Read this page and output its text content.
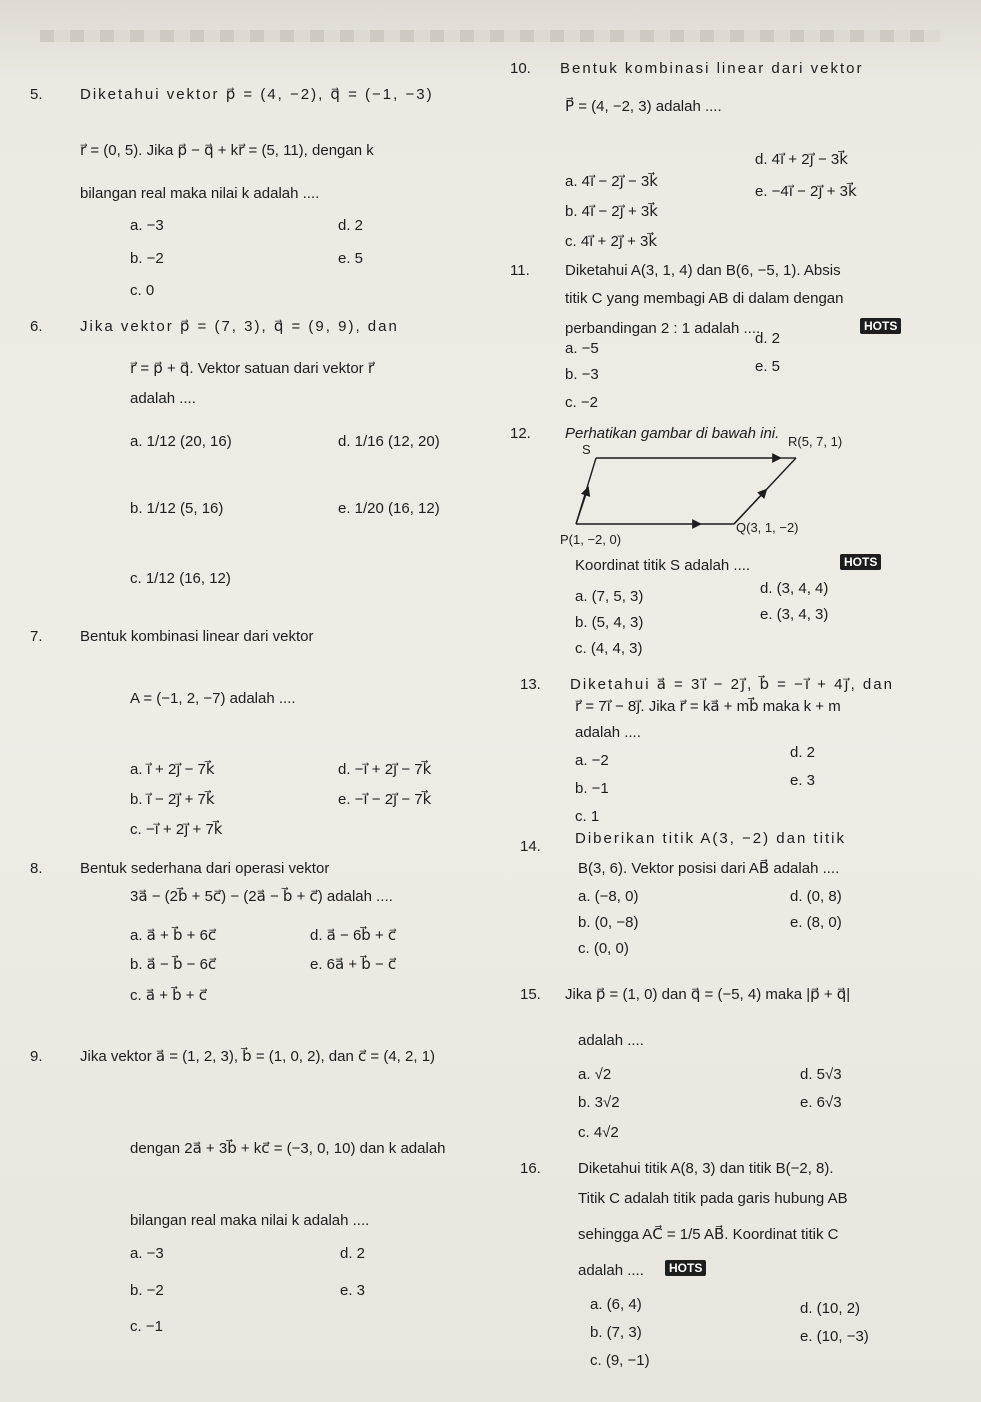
5. Diketahui vektor p⃗ = (4, −2), q⃗ = (−1, −3)
r⃗ = (0, 5). Jika p⃗ − q⃗ + kr⃗ = (5, 11), dengan k
bilangan real maka nilai k adalah ....
a. −3
b. −2
c. 0
d. 2
e. 5
6. Jika vektor p⃗ = (7, 3), q⃗ = (9, 9), dan
r⃗ = p⃗ + q⃗. Vektor satuan dari vektor r⃗
adalah ....
a. 1/12 (20, 16)
b. 1/12 (5, 16)
c. 1/12 (16, 12)
d. 1/16 (12, 20)
e. 1/20 (16, 12)
7. Bentuk kombinasi linear dari vektor
A = (−1, 2, −7) adalah ....
a. i⃗ + 2j⃗ − 7k⃗
b. i⃗ − 2j⃗ + 7k⃗
c. −i⃗ + 2j⃗ + 7k⃗
d. −i⃗ + 2j⃗ − 7k⃗
e. −i⃗ − 2j⃗ − 7k⃗
8. Bentuk sederhana dari operasi vektor
3a⃗ − (2b⃗ + 5c⃗) − (2a⃗ − b⃗ + c⃗) adalah ....
a. a⃗ + b⃗ + 6c⃗
b. a⃗ − b⃗ − 6c⃗
c. a⃗ + b⃗ + c⃗
d. a⃗ − 6b⃗ + c⃗
e. 6a⃗ + b⃗ − c⃗
9. Jika vektor a⃗ = (1, 2, 3), b⃗ = (1, 0, 2), dan c⃗ = (4, 2, 1)
dengan 2a⃗ + 3b⃗ + kc⃗ = (−3, 0, 10) dan k adalah
bilangan real maka nilai k adalah ....
a. −3
b. −2
c. −1
d. 2
e. 3
10. Bentuk kombinasi linear dari vektor
P⃗ = (4, −2, 3) adalah ....
a. 4i⃗ − 2j⃗ − 3k⃗
b. 4i⃗ − 2j⃗ + 3k⃗
c. 4i⃗ + 2j⃗ + 3k⃗
d. 4i⃗ + 2j⃗ − 3k⃗
e. −4i⃗ − 2j⃗ + 3k⃗
11. Diketahui A(3, 1, 4) dan B(6, −5, 1). Absis
titik C yang membagi AB di dalam dengan
perbandingan 2 : 1 adalah ....	HOTS
a. −5
b. −3
c. −2
d. 2
e. 5
12. Perhatikan gambar di bawah ini.
S
R(5, 7, 1)
P(1, −2, 0)
Q(3, 1, −2)
Koordinat titik S adalah ....	HOTS
a. (7, 5, 3)
b. (5, 4, 3)
c. (4, 4, 3)
d. (3, 4, 4)
e. (3, 4, 3)
13. Diketahui a⃗ = 3i⃗ − 2j⃗, b⃗ = −i⃗ + 4j⃗, dan
r⃗ = 7i⃗ − 8j⃗. Jika r⃗ = ka⃗ + mb⃗ maka k + m
adalah ....
a. −2
b. −1
c. 1
d. 2
e. 3
14. Diberikan titik A(3, −2) dan titik
B(3, 6). Vektor posisi dari AB⃗ adalah ....
a. (−8, 0)
b. (0, −8)
c. (0, 0)
d. (0, 8)
e. (8, 0)
15. Jika p⃗ = (1, 0) dan q⃗ = (−5, 4) maka |p⃗ + q⃗|
adalah ....
a. √2
b. 3√2
c. 4√2
d. 5√3
e. 6√3
16. Diketahui titik A(8, 3) dan titik B(−2, 8).
Titik C adalah titik pada garis hubung AB
sehingga AC⃗ = 1/5 AB⃗. Koordinat titik C
adalah ....	HOTS
a. (6, 4)
b. (7, 3)
c. (9, −1)
d. (10, 2)
e. (10, −3)
